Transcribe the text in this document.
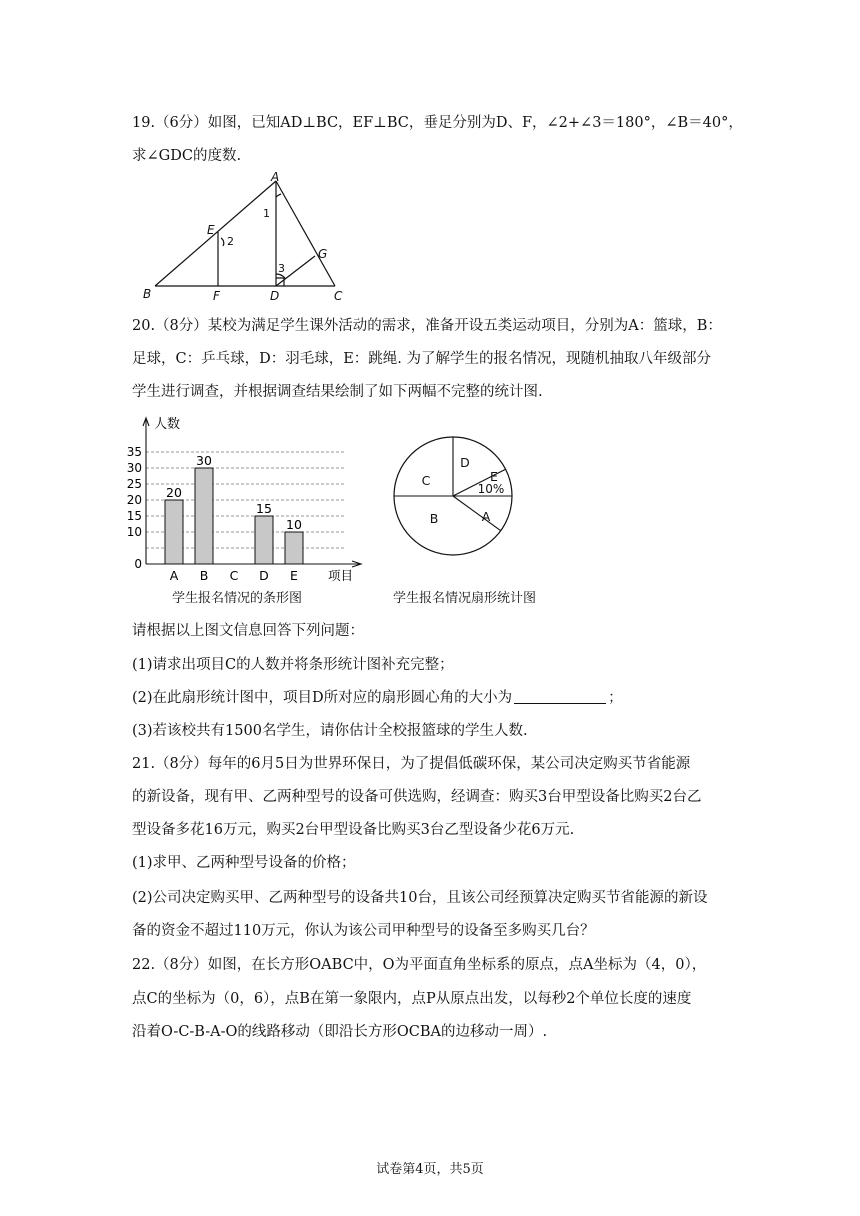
19.（6分）如图，已知AD⊥BC，EF⊥BC，垂足分别为D、F，∠2+∠3＝180°，∠B＝40°，
求∠GDC的度数.
A
E
G
B	F	D	C
1
2
3
20.（8分）某校为满足学生课外活动的需求，准备开设五类运动项目，分别为A：篮球，B：
足球，C：乒乓球，D：羽毛球，E：跳绳. 为了解学生的报名情况，现随机抽取八年级部分
学生进行调查，并根据调查结果绘制了如下两幅不完整的统计图.
人数
项目
0
10
15
20
25
30
35
20
30
15
10
A B C D E
学生报名情况的条形图
A
B
C
D
E
10%
学生报名情况扇形统计图
请根据以上图文信息回答下列问题：
(1)请求出项目C的人数并将条形统计图补充完整；
(2)在此扇形统计图中，项目D所对应的扇形圆心角的大小为	；
(3)若该校共有1500名学生，请你估计全校报篮球的学生人数.
21.（8分）每年的6月5日为世界环保日，为了提倡低碳环保，某公司决定购买节省能源
的新设备，现有甲、乙两种型号的设备可供选购，经调查：购买3台甲型设备比购买2台乙
型设备多花16万元，购买2台甲型设备比购买3台乙型设备少花6万元.
(1)求甲、乙两种型号设备的价格；
(2)公司决定购买甲、乙两种型号的设备共10台，且该公司经预算决定购买节省能源的新设
备的资金不超过110万元，你认为该公司甲种型号的设备至多购买几台？
22.（8分）如图，在长方形OABC中，O为平面直角坐标系的原点，点A坐标为（4，0），
点C的坐标为（0，6），点B在第一象限内，点P从原点出发，以每秒2个单位长度的速度
沿着O-C-B-A-O的线路移动（即沿长方形OCBA的边移动一周）.
试卷第4页，共5页
